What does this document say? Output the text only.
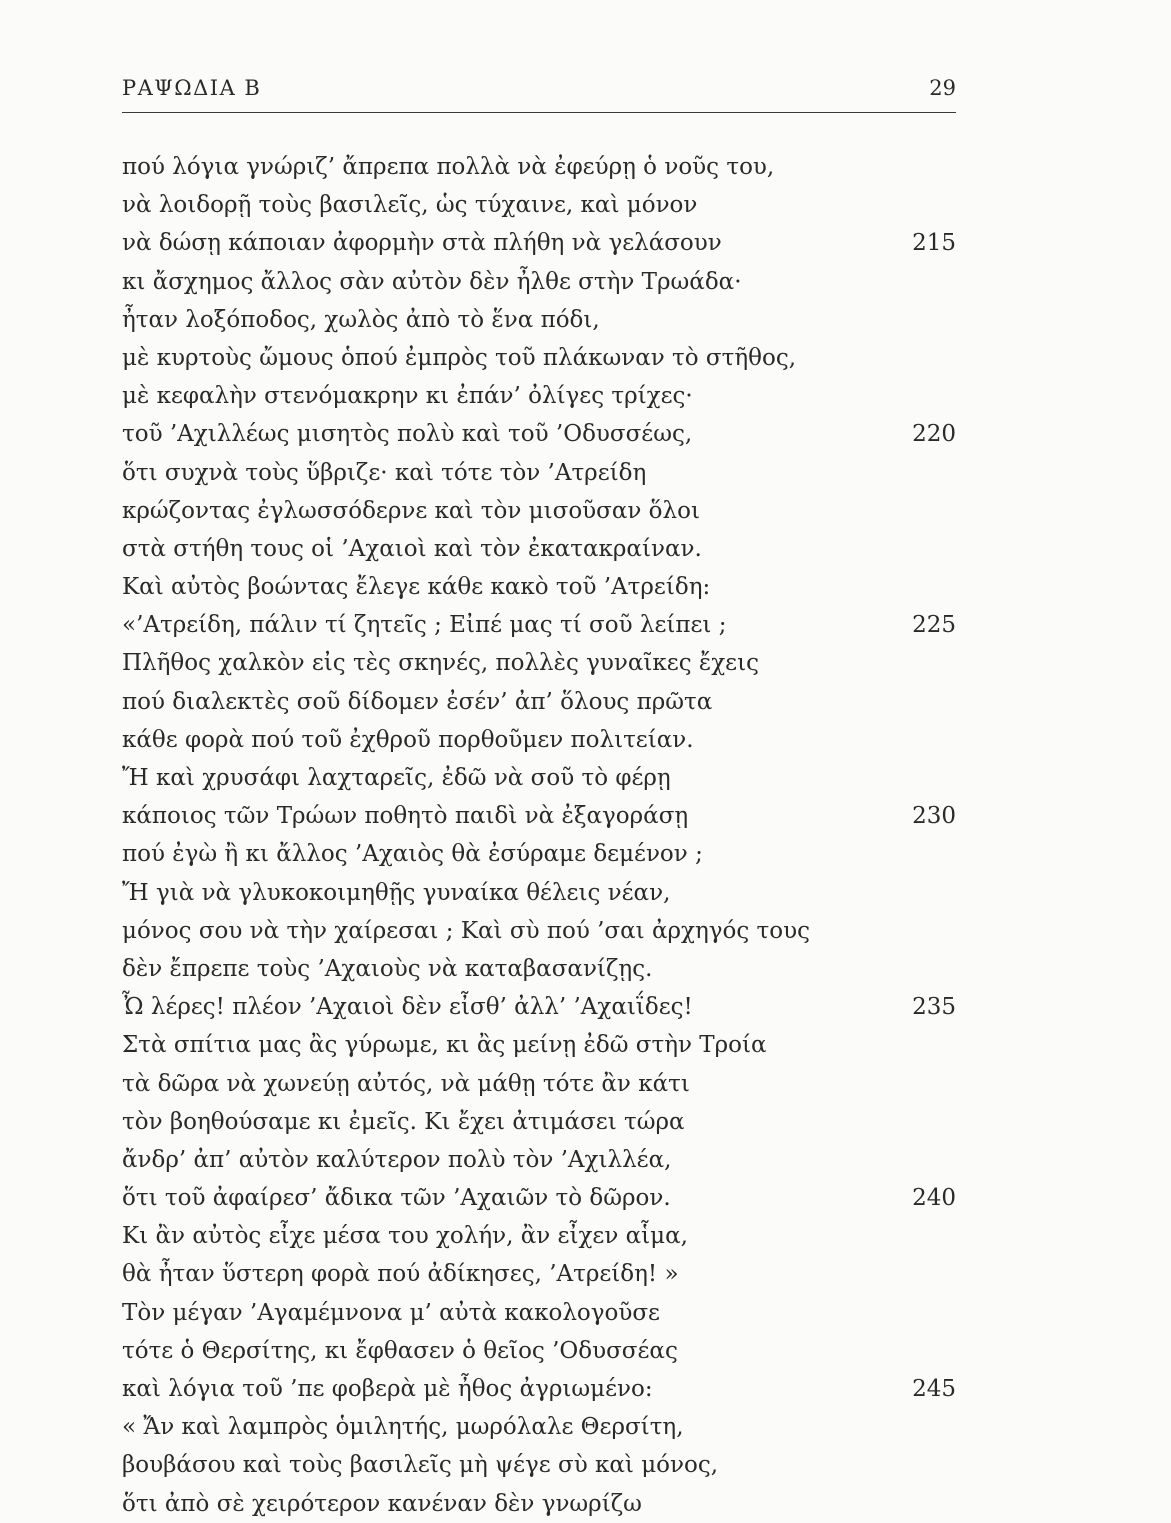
ΡΑΨΩΔΙΑ Β	29
πού λόγια γνώριζ’ ἄπρεπα πολλὰ νὰ ἐφεύρῃ ὁ νοῦς του,
νὰ λοιδορῇ τοὺς βασιλεῖς, ὡς τύχαινε, καὶ μόνον
νὰ δώσῃ κάποιαν ἀφορμὴν στὰ πλήθη νὰ γελάσουν	215
κι ἄσχημος ἄλλος σὰν αὐτὸν δὲν ἦλθε στὴν Τρωάδα·
ἦταν λοξόποδος, χωλὸς ἀπὸ τὸ ἕνα πόδι,
μὲ κυρτοὺς ὤμους ὁπού ἐμπρὸς τοῦ πλάκωναν τὸ στῆθος,
μὲ κεφαλὴν στενόμακρην κι ἐπάν’ ὀλίγες τρίχες·
τοῦ ’Αχιλλέως μισητὸς πολὺ καὶ τοῦ ’Οδυσσέως,	220
ὅτι συχνὰ τοὺς ὕβριζε· καὶ τότε τὸν ’Ατρείδη
κρώζοντας ἐγλωσσόδερνε καὶ τὸν μισοῦσαν ὅλοι
στὰ στήθη τους οἱ ’Αχαιοὶ καὶ τὸν ἐκατακραίναν.
Καὶ αὐτὸς βοώντας ἔλεγε κάθε κακὸ τοῦ ’Ατρείδη:
«’Ατρείδη, πάλιν τί ζητεῖς ; Εἰπέ μας τί σοῦ λείπει ;	225
Πλῆθος χαλκὸν εἰς τὲς σκηνές, πολλὲς γυναῖκες ἔχεις
πού διαλεκτὲς σοῦ δίδομεν ἐσέν’ ἀπ’ ὅλους πρῶτα
κάθε φορὰ πού τοῦ ἐχθροῦ πορθοῦμεν πολιτείαν.
Ἤ καὶ χρυσάφι λαχταρεῖς, ἐδῶ νὰ σοῦ τὸ φέρῃ
κάποιος τῶν Τρώων ποθητὸ παιδὶ νὰ ἐξαγοράσῃ	230
πού ἐγὼ ἢ κι ἄλλος ’Αχαιὸς θὰ ἐσύραμε δεμένον ;
Ἤ γιὰ νὰ γλυκοκοιμηθῇς γυναίκα θέλεις νέαν,
μόνος σου νὰ τὴν χαίρεσαι ; Καὶ σὺ πού ’σαι ἀρχηγός τους
δὲν ἔπρεπε τοὺς ’Αχαιοὺς νὰ καταβασανίζῃς.
Ὦ λέρες! πλέον ’Αχαιοὶ δὲν εἶσθ’ ἀλλ’ ’Αχαιΐδες!	235
Στὰ σπίτια μας ἂς γύρωμε, κι ἂς μείνῃ ἐδῶ στὴν Τροία
τὰ δῶρα νὰ χωνεύῃ αὐτός, νὰ μάθῃ τότε ἂν κάτι
τὸν βοηθούσαμε κι ἐμεῖς. Κι ἔχει ἀτιμάσει τώρα
ἄνδρ’ ἀπ’ αὐτὸν καλύτερον πολὺ τὸν ’Αχιλλέα,
ὅτι τοῦ ἀφαίρεσ’ ἄδικα τῶν ’Αχαιῶν τὸ δῶρον.	240
Κι ἂν αὐτὸς εἶχε μέσα του χολήν, ἂν εἶχεν αἷμα,
θὰ ἦταν ὕστερη φορὰ πού ἀδίκησες, ’Ατρείδη! »
Τὸν μέγαν ’Αγαμέμνονα μ’ αὐτὰ κακολογοῦσε
τότε ὁ Θερσίτης, κι ἔφθασεν ὁ θεῖος ’Οδυσσέας
καὶ λόγια τοῦ ’πε φοβερὰ μὲ ἦθος ἀγριωμένο:	245
« Ἄν καὶ λαμπρὸς ὁμιλητής, μωρόλαλε Θερσίτη,
βουβάσου καὶ τοὺς βασιλεῖς μὴ ψέγε σὺ καὶ μόνος,
ὅτι ἀπὸ σὲ χειρότερον κανέναν δὲν γνωρίζω
